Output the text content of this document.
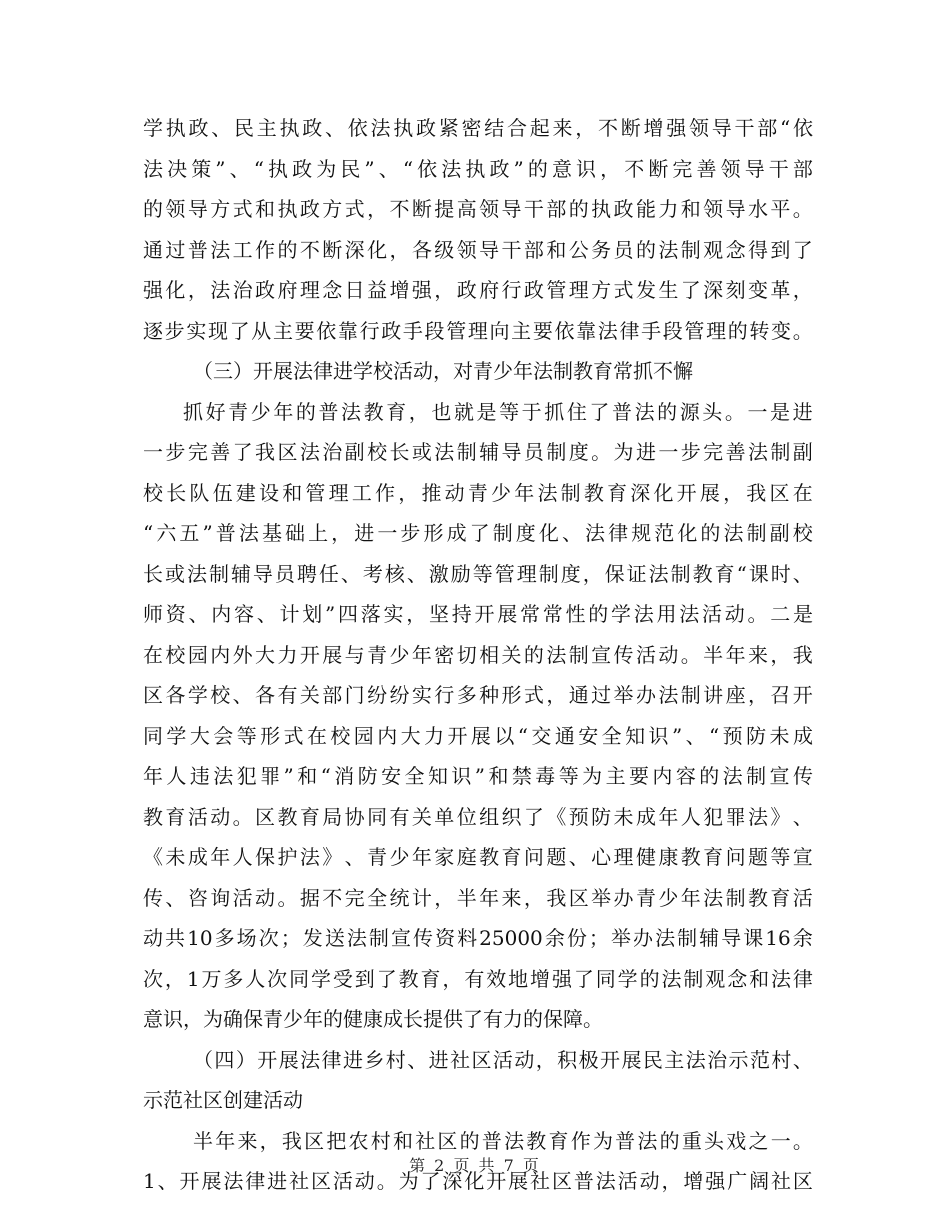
学 执 政 、 民 主 执 政 、 依 法 执 政 紧 密 结 合 起 来 ， 不 断 增 强 领 导 干 部 “ 依
法 决 策 ” 、 “ 执 政 为 民 ” 、 “ 依 法 执 政 ” 的 意 识 ， 不 断 完 善 领 导 干 部
的 领 导 方 式 和 执 政 方 式 ， 不 断 提 高 领 导 干 部 的 执 政 能 力 和 领 导 水 平 。
通 过 普 法 工 作 的 不 断 深 化 ， 各 级 领 导 干 部 和 公 务 员 的 法 制 观 念 得 到 了
强 化 ， 法 治 政 府 理 念 日 益 增 强 ， 政 府 行 政 管 理 方 式 发 生 了 深 刻 变 革 ，
逐 步 实 现 了 从 主 要 依 靠 行 政 手 段 管 理 向 主 要 依 靠 法 律 手 段 管 理 的 转 变 。
（三）开展法律进学校活动，对青少年法制教育常抓不懈
抓 好 青 少 年 的 普 法 教 育 ， 也 就 是 等 于 抓 住 了 普 法 的 源 头 。 一 是 进
一 步 完 善 了 我 区 法 治 副 校 长 或 法 制 辅 导 员 制 度 。 为 进 一 步 完 善 法 制 副
校 长 队 伍 建 设 和 管 理 工 作 ， 推 动 青 少 年 法 制 教 育 深 化 开 展 ， 我 区 在
“ 六 五 ” 普 法 基 础 上 ， 进 一 步 形 成 了 制 度 化 、 法 律 规 范 化 的 法 制 副 校
长 或 法 制 辅 导 员 聘 任 、 考 核 、 激 励 等 管 理 制 度 ， 保 证 法 制 教 育 “ 课 时 、
师 资 、 内 容 、 计 划 ” 四 落 实 ， 坚 持 开 展 常 常 性 的 学 法 用 法 活 动 。 二 是
在 校 园 内 外 大 力 开 展 与 青 少 年 密 切 相 关 的 法 制 宣 传 活 动 。 半 年 来 ， 我
区 各 学 校 、 各 有 关 部 门 纷 纷 实 行 多 种 形 式 ， 通 过 举 办 法 制 讲 座 ， 召 开
同 学 大 会 等 形 式 在 校 园 内 大 力 开 展 以 “ 交 通 安 全 知 识 ” 、 “ 预 防 未 成
年 人 违 法 犯 罪 ” 和 “ 消 防 安 全 知 识 ” 和 禁 毒 等 为 主 要 内 容 的 法 制 宣 传
教 育 活 动 。 区 教 育 局 协 同 有 关 单 位 组 织 了 《 预 防 未 成 年 人 犯 罪 法 》 、
《 未 成 年 人 保 护 法 》 、 青 少 年 家 庭 教 育 问 题 、 心 理 健 康 教 育 问 题 等 宣
传 、 咨 询 活 动 。 据 不 完 全 统 计 ， 半 年 来 ， 我 区 举 办 青 少 年 法 制 教 育 活
动 共 10 多 场 次 ； 发 送 法 制 宣 传 资 料 25000 余 份 ； 举 办 法 制 辅 导 课 16 余
次 ， 1 万 多 人 次 同 学 受 到 了 教 育 ， 有 效 地 增 强 了 同 学 的 法 制 观 念 和 法 律
意识，为确保青少年的健康成长提供了有力的保障。
（ 四 ） 开 展 法 律 进 乡 村 、 进 社 区 活 动 ， 积 极 开 展 民 主 法 治 示 范 村 、
示范社区创建活动
半 年 来 ， 我 区 把 农 村 和 社 区 的 普 法 教 育 作 为 普 法 的 重 头 戏 之 一 。
1 、 开 展 法 律 进 社 区 活 动 。 为 了 深 化 开 展 社 区 普 法 活 动 ， 增 强 广 阔 社 区
第 2 页 共 7 页
